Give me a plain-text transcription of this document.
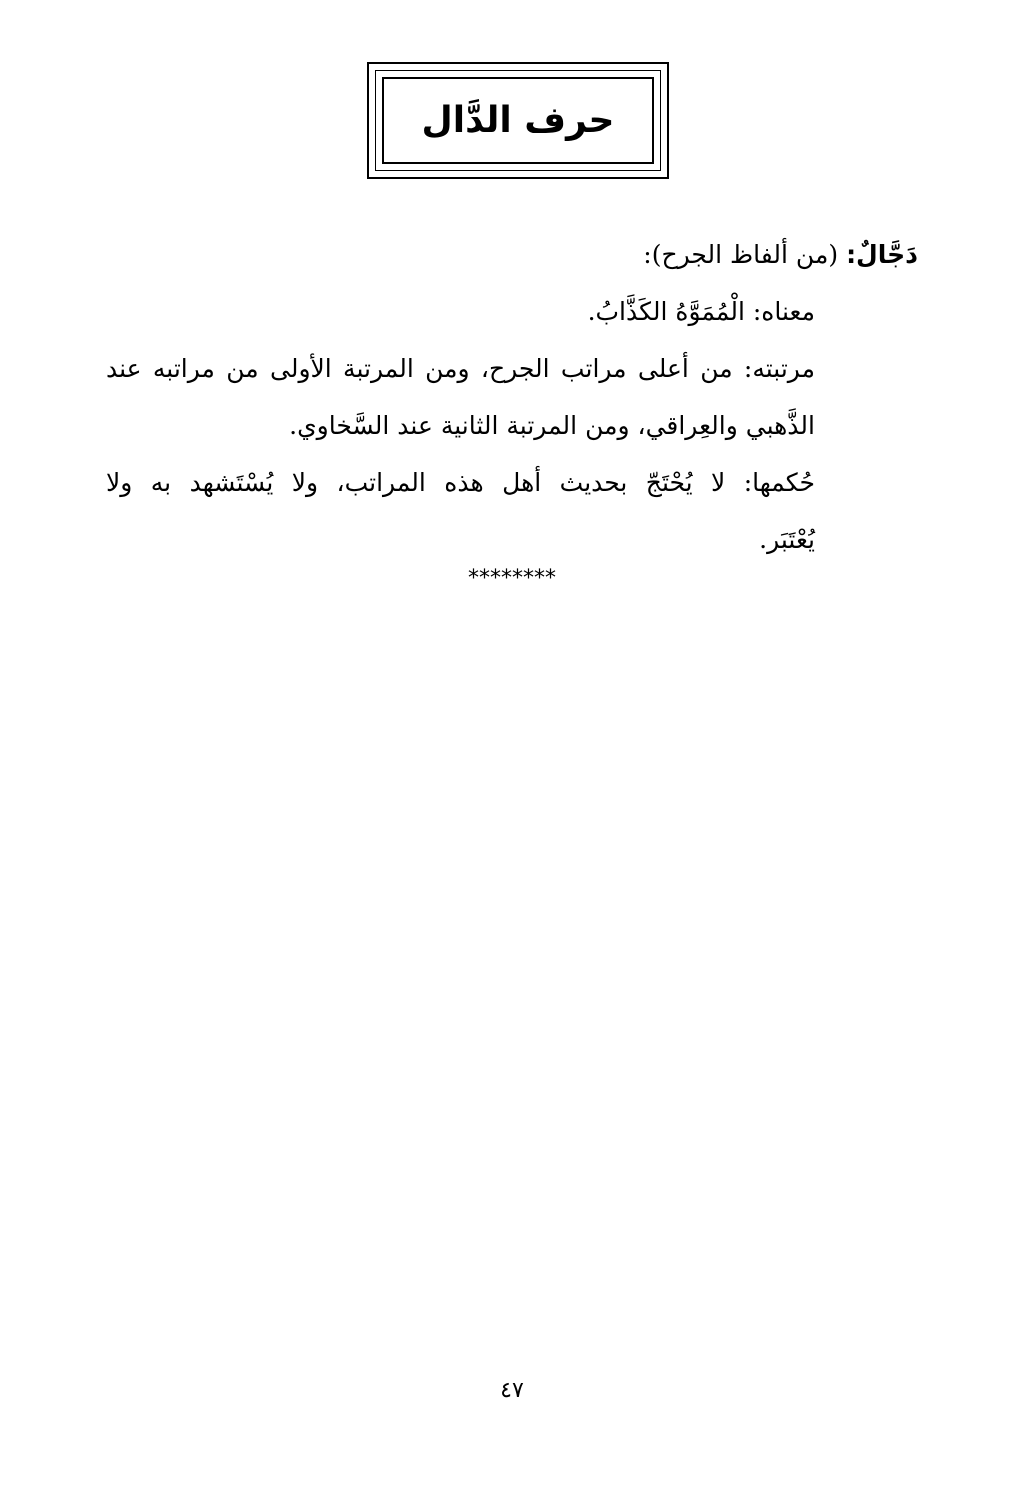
حرف الدَّال
دَجَّالٌ: (من ألفاظ الجرح):
معناه: الْمُمَوَّهُ الكَذَّابُ.
مرتبته: من أعلى مراتب الجرح، ومن المرتبة الأولى من مراتبه عند
الذَّهبي والعِراقي، ومن المرتبة الثانية عند السَّخاوي.
حُكمها: لا يُحْتَجّ بحديث أهل هذه المراتب، ولا يُسْتَشهد به ولا
يُعْتَبَر.
********
٤٧
